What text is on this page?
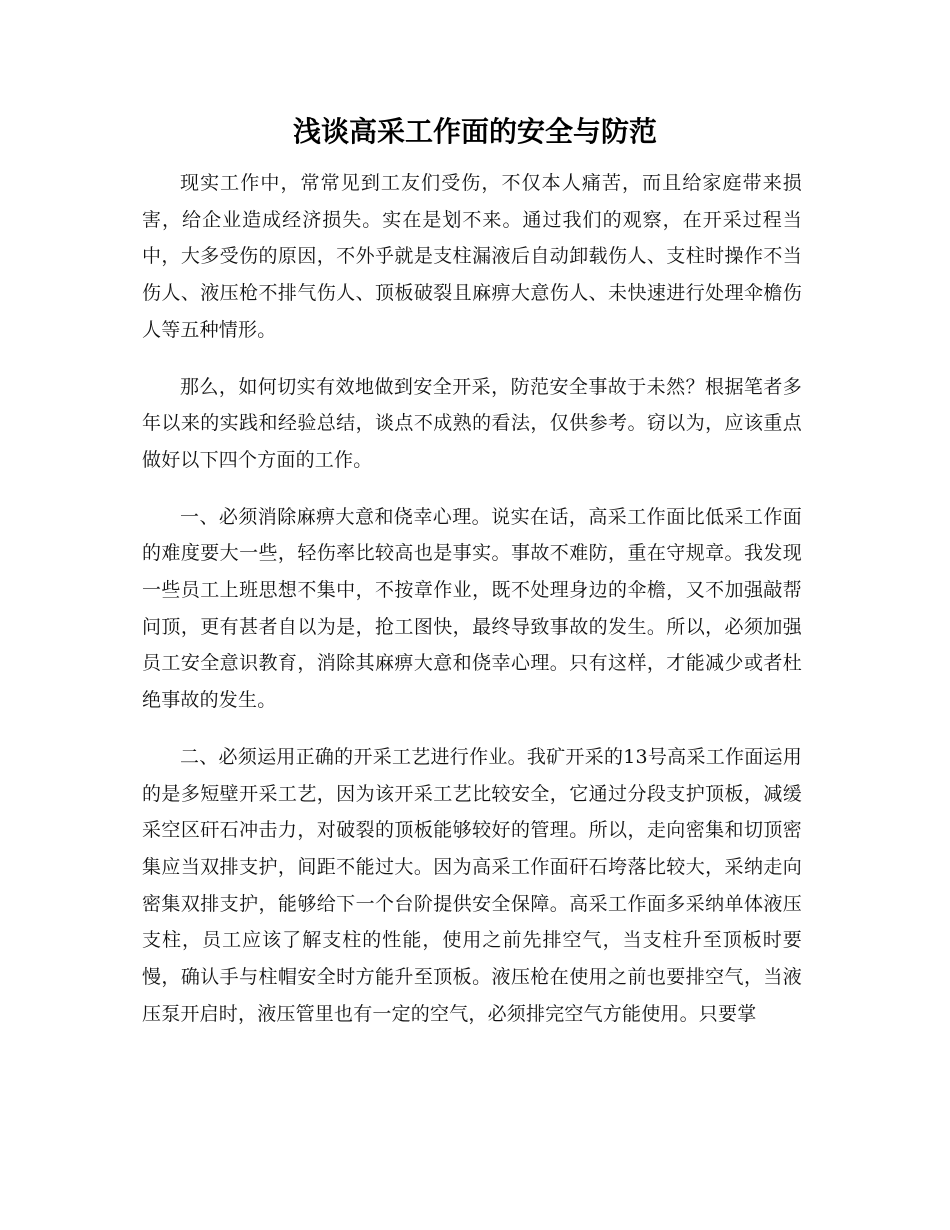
浅谈高采工作面的安全与防范

现实工作中，常常见到工友们受伤，不仅本人痛苦，而且给家庭带来损害，给企业造成经济损失。实在是划不来。通过我们的观察，在开采过程当中，大多受伤的原因，不外乎就是支柱漏液后自动卸载伤人、支柱时操作不当伤人、液压枪不排气伤人、顶板破裂且麻痹大意伤人、未快速进行处理伞檐伤人等五种情形。

那么，如何切实有效地做到安全开采，防范安全事故于未然？根据笔者多年以来的实践和经验总结，谈点不成熟的看法，仅供参考。窃以为，应该重点做好以下四个方面的工作。

一、必须消除麻痹大意和侥幸心理。说实在话，高采工作面比低采工作面的难度要大一些，轻伤率比较高也是事实。事故不难防，重在守规章。我发现一些员工上班思想不集中，不按章作业，既不处理身边的伞檐，又不加强敲帮问顶，更有甚者自以为是，抢工图快，最终导致事故的发生。所以，必须加强员工安全意识教育，消除其麻痹大意和侥幸心理。只有这样，才能减少或者杜绝事故的发生。

二、必须运用正确的开采工艺进行作业。我矿开采的13号高采工作面运用的是多短壁开采工艺，因为该开采工艺比较安全，它通过分段支护顶板，减缓采空区矸石冲击力，对破裂的顶板能够较好的管理。所以，走向密集和切顶密集应当双排支护，间距不能过大。因为高采工作面矸石垮落比较大，采纳走向密集双排支护，能够给下一个台阶提供安全保障。高采工作面多采纳单体液压支柱，员工应该了解支柱的性能，使用之前先排空气，当支柱升至顶板时要慢，确认手与柱帽安全时方能升至顶板。液压枪在使用之前也要排空气，当液压泵开启时，液压管里也有一定的空气，必须排完空气方能使用。只要掌
